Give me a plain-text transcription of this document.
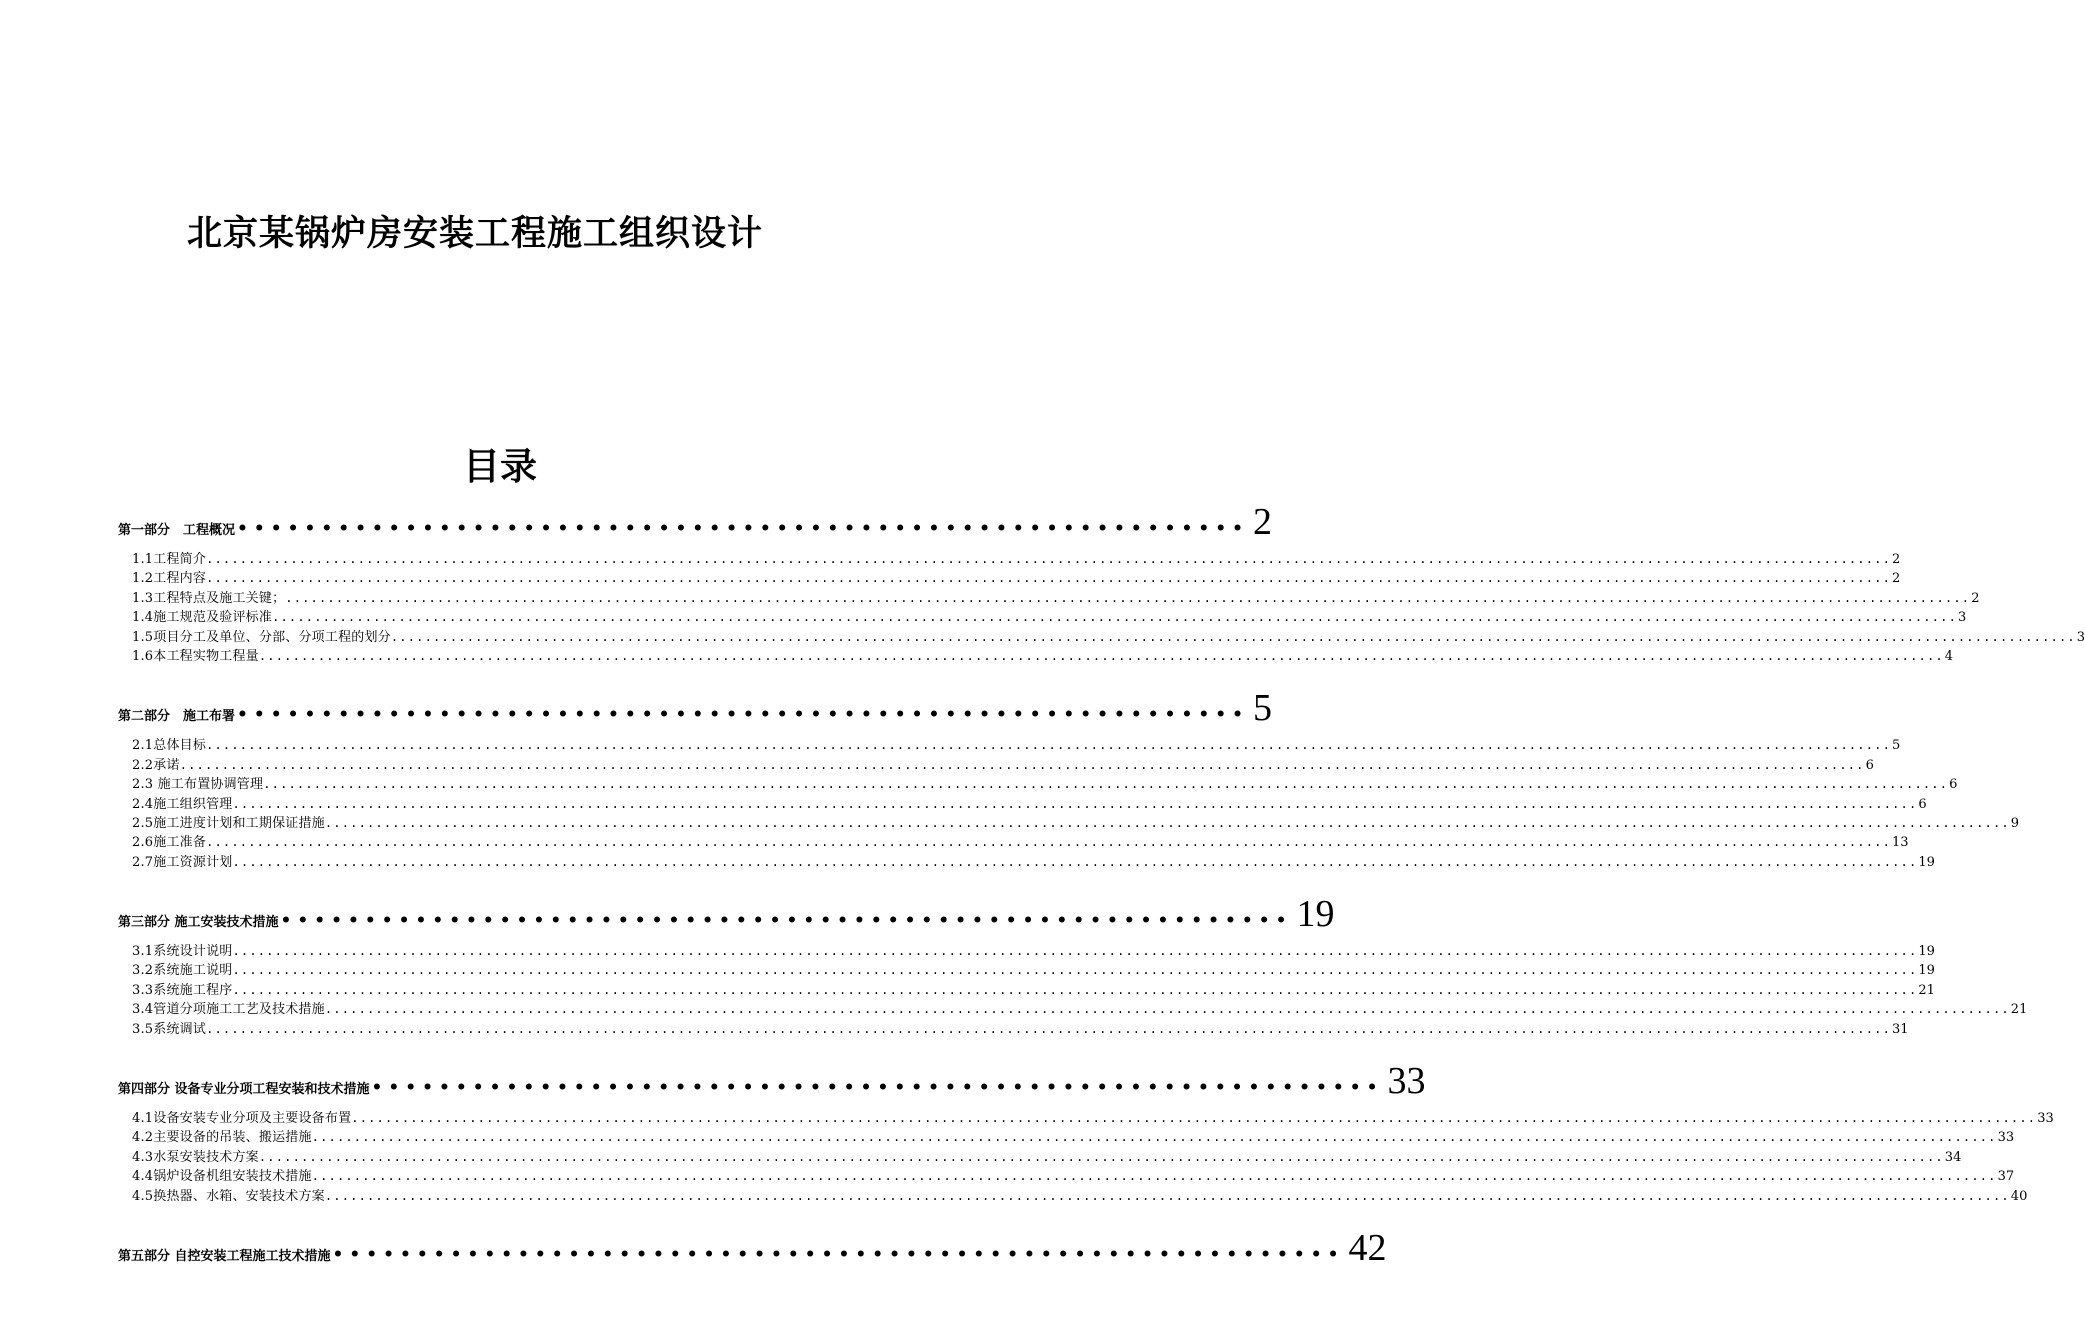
北京某锅炉房安装工程施工组织设计
目录
第一部分　工程概况 •••••••••••••••••••••••••••••••••••••••••••••••••••••••••••• 2
1.1工程简介 ........................................................................................................................................................................................................ 2
1.2工程内容 ........................................................................................................................................................................................................ 2
1.3工程特点及施工关键； ........................................................................................................................................................................................................ 2
1.4施工规范及验评标准 ........................................................................................................................................................................................................ 3
1.5项目分工及单位、分部、分项工程的划分 ........................................................................................................................................................................................................ 3
1.6本工程实物工程量 ........................................................................................................................................................................................................ 4
第二部分　施工布署 •••••••••••••••••••••••••••••••••••••••••••••••••••••••••••• 5
2.1总体目标 ........................................................................................................................................................................................................ 5
2.2承诺 ........................................................................................................................................................................................................ 6
2.3 施工布置协调管理 ........................................................................................................................................................................................................ 6
2.4施工组织管理 ........................................................................................................................................................................................................ 6
2.5施工进度计划和工期保证措施 ........................................................................................................................................................................................................ 9
2.6施工准备 ........................................................................................................................................................................................................ 13
2.7施工资源计划 ........................................................................................................................................................................................................ 19
第三部分 施工安装技术措施 •••••••••••••••••••••••••••••••••••••••••••••••••••••••••••• 19
3.1系统设计说明 ........................................................................................................................................................................................................ 19
3.2系统施工说明 ........................................................................................................................................................................................................ 19
3.3系统施工程序 ........................................................................................................................................................................................................ 21
3.4管道分项施工工艺及技术措施 ........................................................................................................................................................................................................ 21
3.5系统调试 ........................................................................................................................................................................................................ 31
第四部分 设备专业分项工程安装和技术措施 •••••••••••••••••••••••••••••••••••••••••••••••••••••••••••• 33
4.1设备安装专业分项及主要设备布置 ........................................................................................................................................................................................................ 33
4.2主要设备的吊装、搬运措施 ........................................................................................................................................................................................................ 33
4.3水泵安装技术方案 ........................................................................................................................................................................................................ 34
4.4锅炉设备机组安装技术措施 ........................................................................................................................................................................................................ 37
4.5换热器、水箱、安装技术方案 ........................................................................................................................................................................................................ 40
第五部分 自控安装工程施工技术措施 •••••••••••••••••••••••••••••••••••••••••••••••••••••••••••• 42
